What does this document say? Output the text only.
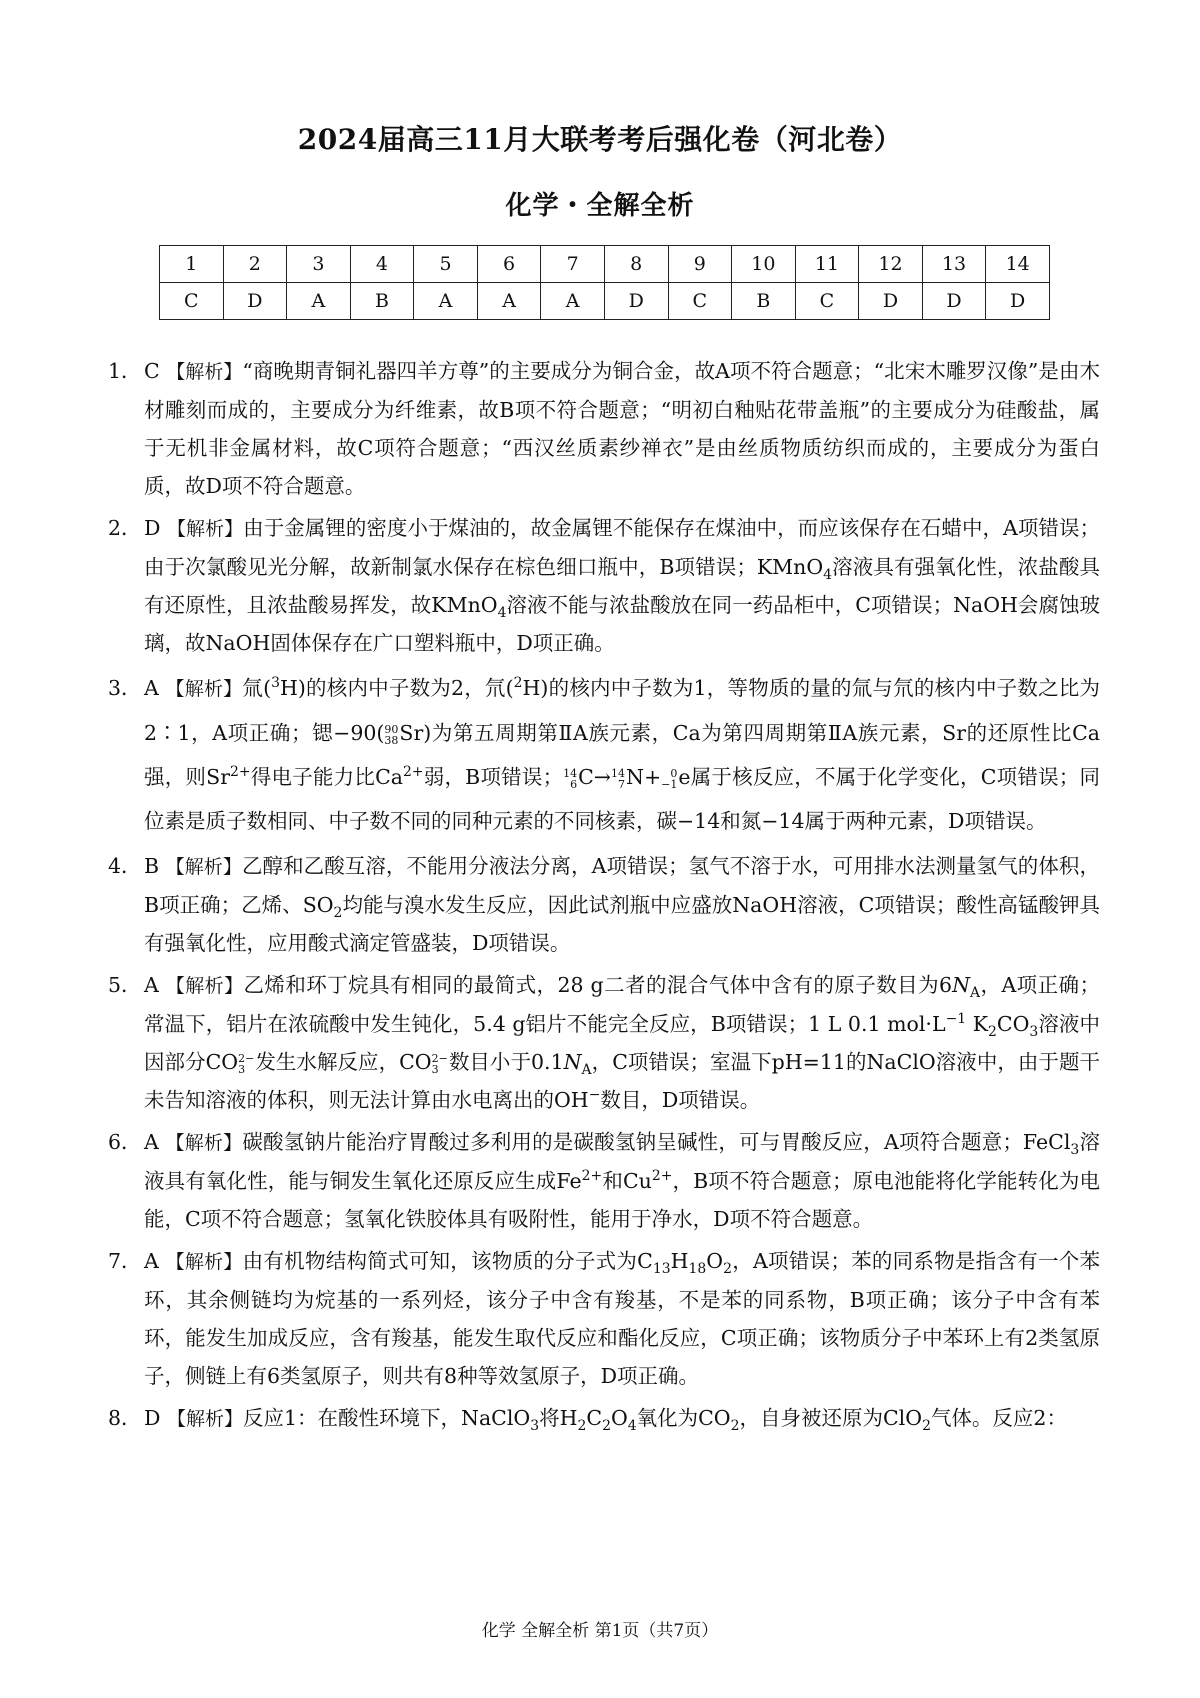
2024届高三11月大联考考后强化卷（河北卷）
化学・全解全析
1	2	3	4	5	6	7	8	9	10	11	12	13	14
C	D	A	B	A	A	A	D	C	B	C	D	D	D

1． C 【解析】“商晚期青铜礼器四羊方尊”的主要成分为铜合金，故A项不符合题意；“北宋木雕罗汉像”是由木材雕刻而成的，主要成分为纤维素，故B项不符合题意；“明初白釉贴花带盖瓶”的主要成分为硅酸盐，属于无机非金属材料，故C项符合题意；“西汉丝质素纱禅衣”是由丝质物质纺织而成的，主要成分为蛋白质，故D项不符合题意。

2． D 【解析】由于金属锂的密度小于煤油的，故金属锂不能保存在煤油中，而应该保存在石蜡中，A项错误；由于次氯酸见光分解，故新制氯水保存在棕色细口瓶中，B项错误；KMnO$_4$溶液具有强氧化性，浓盐酸具有还原性，且浓盐酸易挥发，故KMnO$_4$溶液不能与浓盐酸放在同一药品柜中，C项错误；NaOH会腐蚀玻璃，故NaOH固体保存在广口塑料瓶中，D项正确。

3． A 【解析】氚($^3$H)的核内中子数为2，氘($^2$H)的核内中子数为1，等物质的量的氚与氘的核内中子数之比为2∶1，A项正确；锶−90( 90
38 Sr)为第五周期第ⅡA族元素，Ca为第四周期第ⅡA族元素，Sr的还原性比Ca强，则$Sr^{2+}$得电子能力比$Ca^{2+}$弱，B项错误； 14
6 C→ 14
7 N+ 0
−1 e属于核反应，不属于化学变化，C项错误；同位素是质子数相同、中子数不同的同种元素的不同核素，碳−14和氮−14属于两种元素，D项错误。

4． B 【解析】乙醇和乙酸互溶，不能用分液法分离，A项错误；氢气不溶于水，可用排水法测量氢气的体积，B项正确；乙烯、$SO_2$均能与溴水发生反应，因此试剂瓶中应盛放NaOH溶液，C项错误；酸性高锰酸钾具有强氧化性，应用酸式滴定管盛装，D项错误。

5． A 【解析】乙烯和环丁烷具有相同的最简式，28 g二者的混合气体中含有的原子数目为$6N_A$，A项正确；常温下，铝片在浓硫酸中发生钝化，5.4 g铝片不能完全反应，B项错误；1 L 0.1 $mol\cdot L^{-1}$ $K_2CO_3$溶液中因部分CO 2−
3 发生水解反应，CO 2−
3 数目小于$0.1N_A$，C项错误；室温下pH=11的NaClO溶液中，由于题干未告知溶液的体积，则无法计算由水电离出的OH−数目，D项错误。

6． A 【解析】碳酸氢钠片能治疗胃酸过多利用的是碳酸氢钠呈碱性，可与胃酸反应，A项符合题意；FeCl$_3$溶液具有氧化性，能与铜发生氧化还原反应生成$Fe^{2+}$和$Cu^{2+}$，B项不符合题意；原电池能将化学能转化为电能，C项不符合题意；氢氧化铁胶体具有吸附性，能用于净水，D项不符合题意。

7． A 【解析】由有机物结构简式可知，该物质的分子式为$C_{13}H_{18}O_2$，A项错误；苯的同系物是指含有一个苯环，其余侧链均为烷基的一系列烃，该分子中含有羧基，不是苯的同系物，B项正确；该分子中含有苯环，能发生加成反应，含有羧基，能发生取代反应和酯化反应，C项正确；该物质分子中苯环上有2类氢原子，侧链上有6类氢原子，则共有8种等效氢原子，D项正确。

8． D 【解析】反应1：在酸性环境下，NaClO$_3$将$H_2C_2O_4$氧化为$CO_2$，自身被还原为ClO$_2$气体。反应2：

化学 全解全析 第1页（共7页）
